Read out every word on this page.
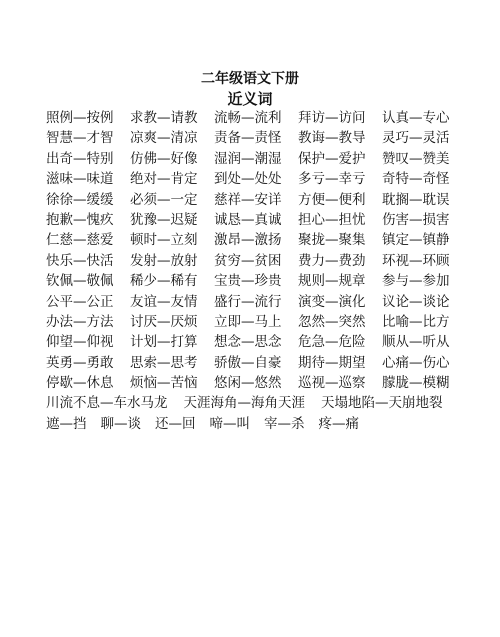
二年级语文下册
近义词
照例—按例	求教—请教	流畅—流利	拜访—访问	认真—专心
智慧—才智	凉爽—清凉	责备—责怪	教诲—教导	灵巧—灵活
出奇—特别	仿佛—好像	湿润—潮湿	保护—爱护	赞叹—赞美
滋味—味道	绝对—肯定	到处—处处	多亏—幸亏	奇特—奇怪
徐徐—缓缓	必须—一定	慈祥—安详	方便—便利	耽搁—耽误
抱歉—愧疚	犹豫—迟疑	诚恳—真诚	担心—担忧	伤害—损害
仁慈—慈爱	顿时—立刻	激昂—激扬	聚拢—聚集	镇定—镇静
快乐—快活	发射—放射	贫穷—贫困	费力—费劲	环视—环顾
钦佩—敬佩	稀少—稀有	宝贵—珍贵	规则—规章	参与—参加
公平—公正	友谊—友情	盛行—流行	演变—演化	议论—谈论
办法—方法	讨厌—厌烦	立即—马上	忽然—突然	比喻—比方
仰望—仰视	计划—打算	想念—思念	危急—危险	顺从—听从
英勇—勇敢	思索—思考	骄傲—自豪	期待—期望	心痛—伤心
停歇—休息	烦恼—苦恼	悠闲—悠然	巡视—巡察	朦胧—模糊
川流不息—车水马龙 天涯海角—海角天涯 天塌地陷—天崩地裂
遮—挡 聊—谈 还—回 啼—叫 宰—杀 疼—痛
